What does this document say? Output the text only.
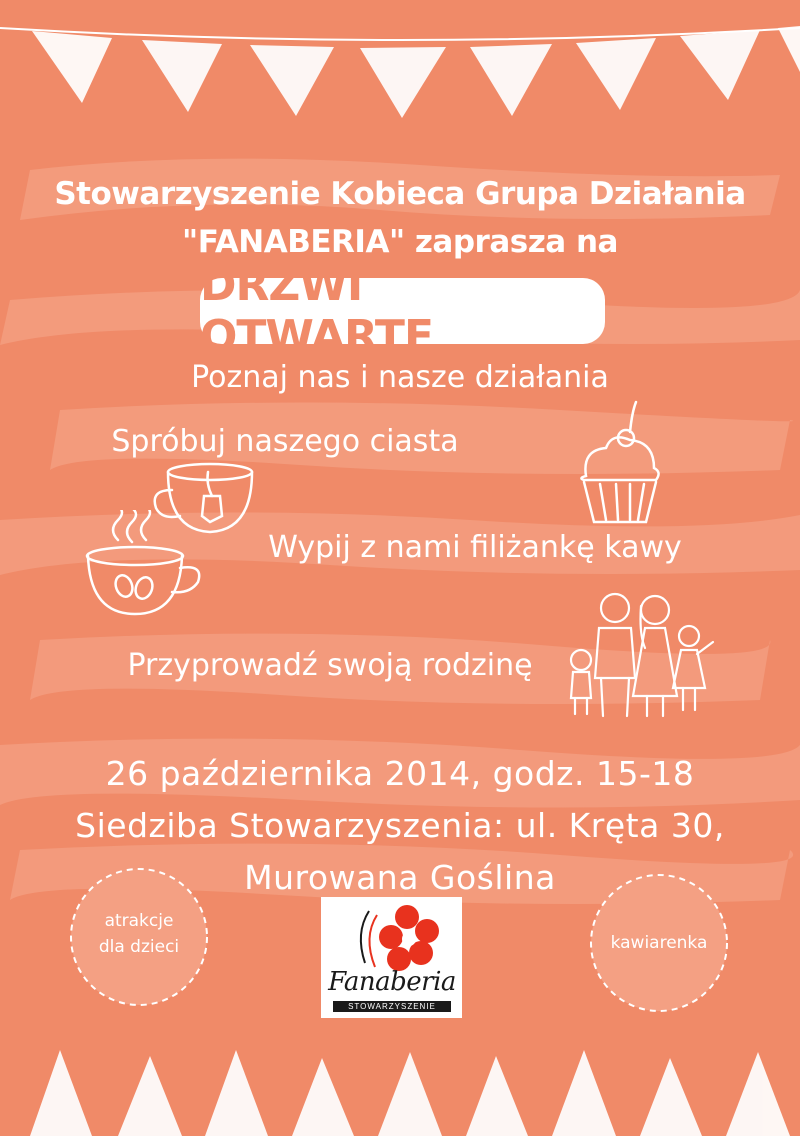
Stowarzyszenie Kobieca Grupa Działania

"FANABERIA" zaprasza na

DRZWI OTWARTE

Poznaj nas i nasze działania

Spróbuj naszego ciasta

Wypij z nami filiżankę kawy

Przyprowadź swoją rodzinę

26 października 2014, godz. 15-18

Siedziba Stowarzyszenia: ul. Kręta 30,

Murowana Goślina

atrakcje
dla dzieci	kawiarenka
Fanaberia
STOWARZYSZENIE
